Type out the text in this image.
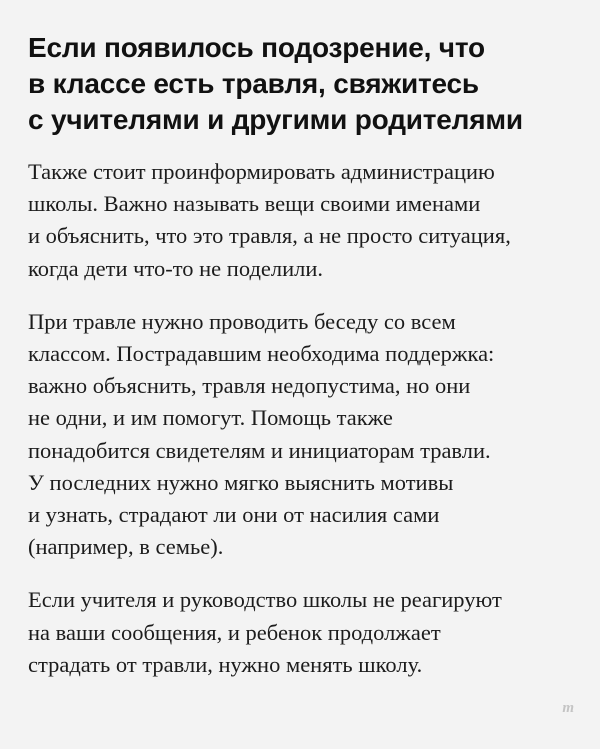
Если появилось подозрение, что
в классе есть травля, свяжитесь
с учителями и другими родителями

Также стоит проинформировать администрацию
школы. Важно называть вещи своими именами
и объяснить, что это травля, а не просто ситуация,
когда дети что-то не поделили.

При травле нужно проводить беседу со всем
классом. Пострадавшим необходима поддержка:
важно объяснить, травля недопустима, но они
не одни, и им помогут. Помощь также
понадобится свидетелям и инициаторам травли.
У последних нужно мягко выяснить мотивы
и узнать, страдают ли они от насилия сами
(например, в семье).

Если учителя и руководство школы не реагируют
на ваши сообщения, и ребенок продолжает
страдать от травли, нужно менять школу.

m
